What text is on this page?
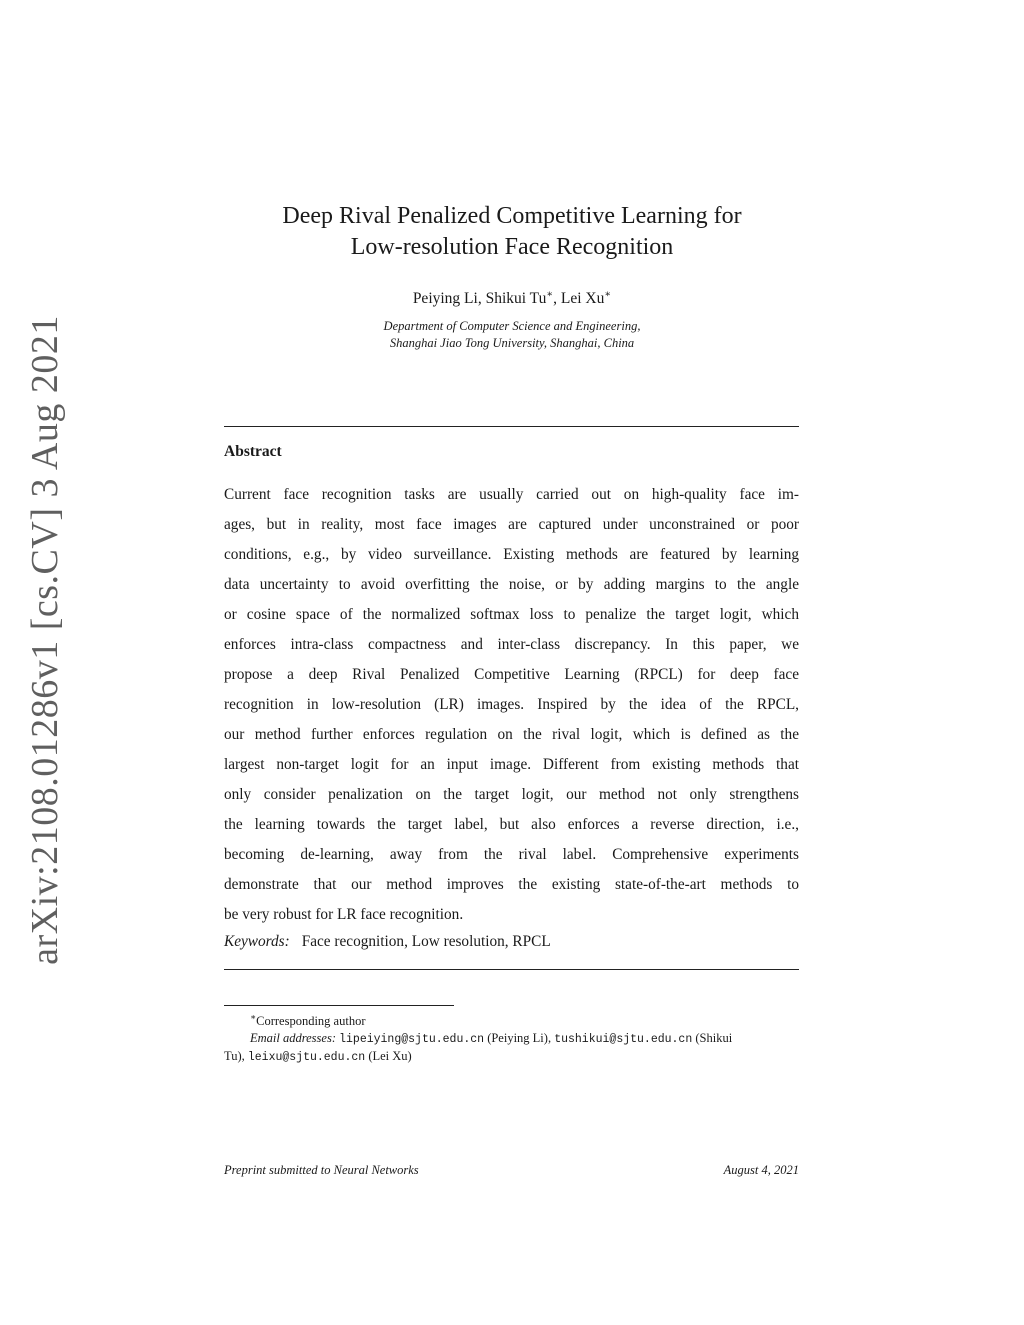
arXiv:2108.01286v1 [cs.CV] 3 Aug 2021
Deep Rival Penalized Competitive Learning for
Low-resolution Face Recognition
Peiying Li, Shikui Tu∗, Lei Xu∗
Department of Computer Science and Engineering,
Shanghai Jiao Tong University, Shanghai, China
Abstract
Current face recognition tasks are usually carried out on high-quality face im-
ages, but in reality, most face images are captured under unconstrained or poor
conditions, e.g., by video surveillance. Existing methods are featured by learning
data uncertainty to avoid overfitting the noise, or by adding margins to the angle
or cosine space of the normalized softmax loss to penalize the target logit, which
enforces intra-class compactness and inter-class discrepancy. In this paper, we
propose a deep Rival Penalized Competitive Learning (RPCL) for deep face
recognition in low-resolution (LR) images. Inspired by the idea of the RPCL,
our method further enforces regulation on the rival logit, which is defined as the
largest non-target logit for an input image. Different from existing methods that
only consider penalization on the target logit, our method not only strengthens
the learning towards the target label, but also enforces a reverse direction, i.e.,
becoming de-learning, away from the rival label. Comprehensive experiments
demonstrate that our method improves the existing state-of-the-art methods to
be very robust for LR face recognition.
Keywords: Face recognition, Low resolution, RPCL
∗Corresponding author
Email addresses: lipeiying@sjtu.edu.cn (Peiying Li), tushikui@sjtu.edu.cn (Shikui
Tu), leixu@sjtu.edu.cn (Lei Xu)
Preprint submitted to Neural Networks	August 4, 2021
